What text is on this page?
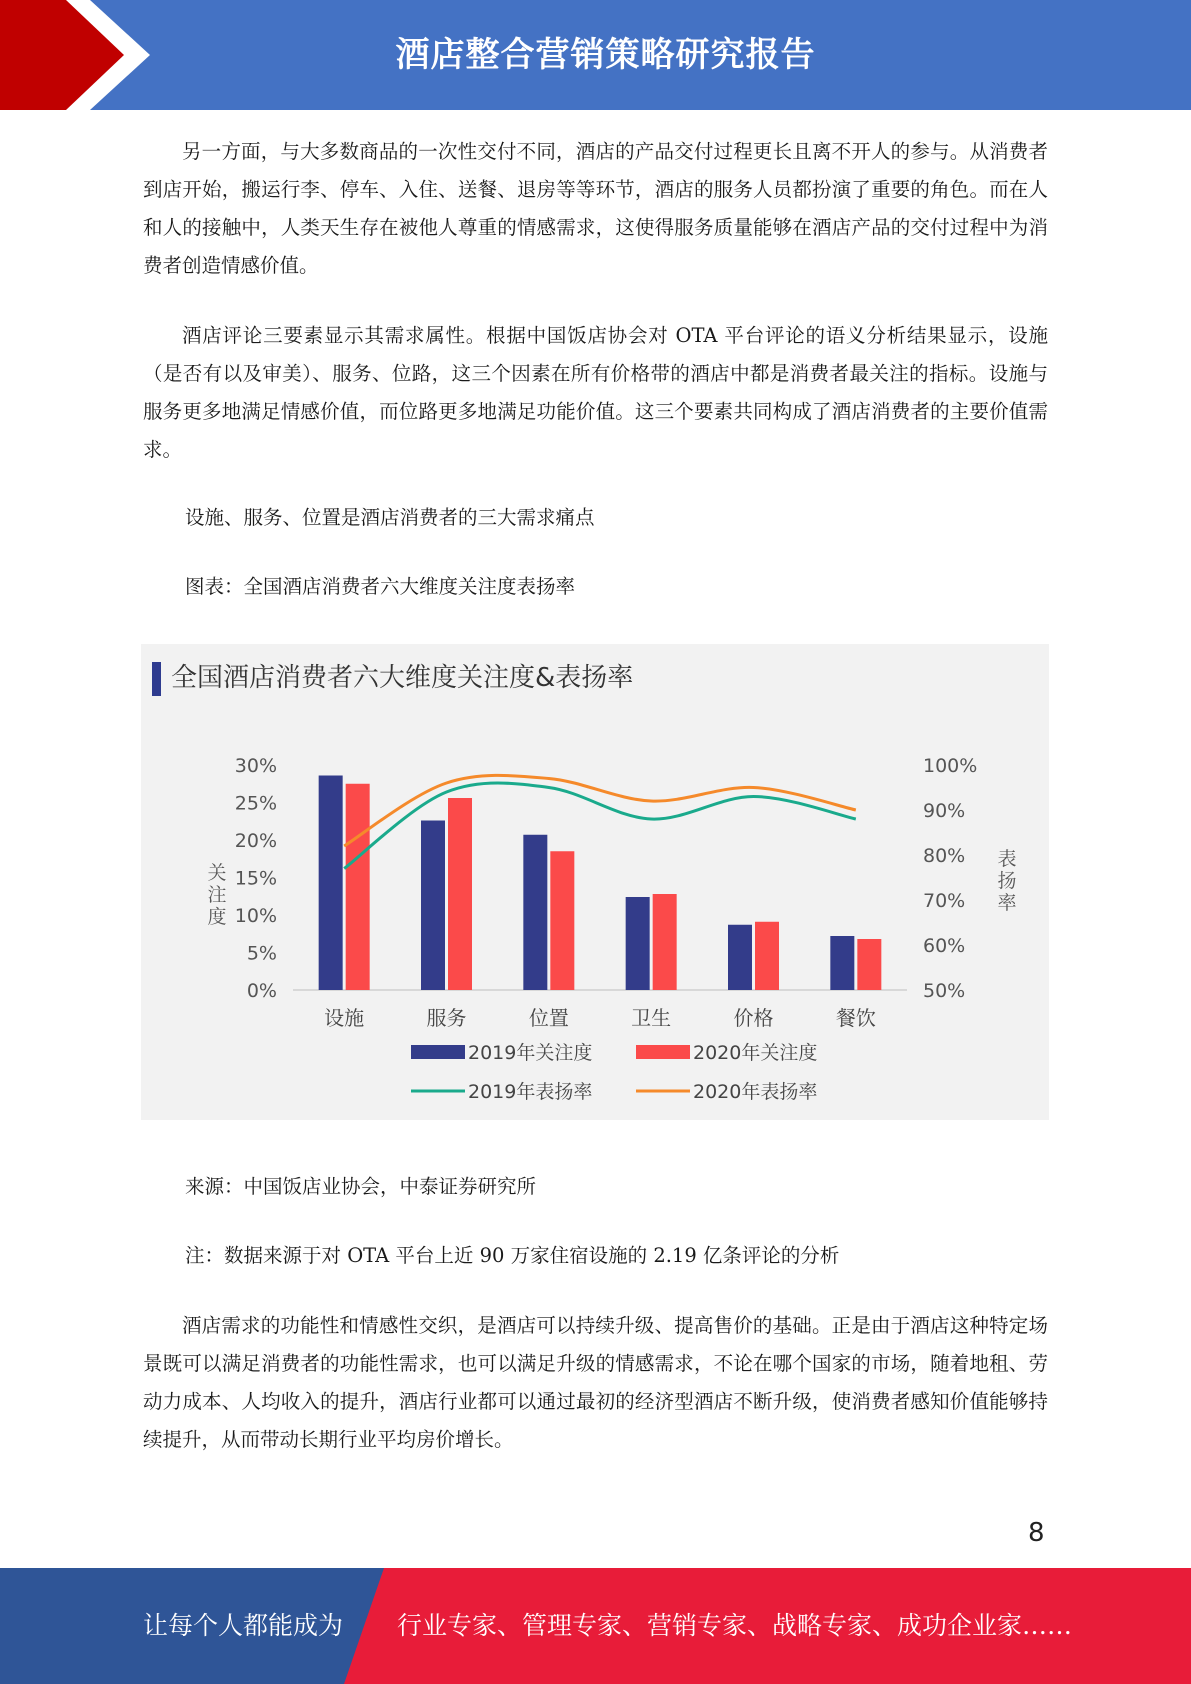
酒店整合营销策略研究报告

另一方面，与大多数商品的一次性交付不同，酒店的产品交付过程更长且离不开人的参与。从消费者到店开始，搬运行李、停车、入住、送餐、退房等等环节，酒店的服务人员都扮演了重要的角色。而在人和人的接触中，人类天生存在被他人尊重的情感需求，这使得服务质量能够在酒店产品的交付过程中为消费者创造情感价值。

酒店评论三要素显示其需求属性。根据中国饭店协会对 OTA 平台评论的语义分析结果显示，设施（是否有以及审美）、服务、位路，这三个因素在所有价格带的酒店中都是消费者最关注的指标。设施与服务更多地满足情感价值，而位路更多地满足功能价值。这三个要素共同构成了酒店消费者的主要价值需求。

设施、服务、位置是酒店消费者的三大需求痛点

图表：全国酒店消费者六大维度关注度表扬率

全国酒店消费者六大维度关注度&表扬率
关注度
表扬率
0%
5%
10%
15%
20%
25%
30%
50%
60%
70%
80%
90%
100%
设施	服务	位置	卫生	价格	餐饮
2019年关注度	2020年关注度
2019年表扬率	2020年表扬率

来源：中国饭店业协会，中泰证券研究所

注：数据来源于对 OTA 平台上近 90 万家住宿设施的 2.19 亿条评论的分析

酒店需求的功能性和情感性交织，是酒店可以持续升级、提高售价的基础。正是由于酒店这种特定场景既可以满足消费者的功能性需求，也可以满足升级的情感需求，不论在哪个国家的市场，随着地租、劳动力成本、人均收入的提升，酒店行业都可以通过最初的经济型酒店不断升级，使消费者感知价值能够持续提升，从而带动长期行业平均房价增长。

8
让每个人都能成为 行业专家、管理专家、营销专家、战略专家、成功企业家……
